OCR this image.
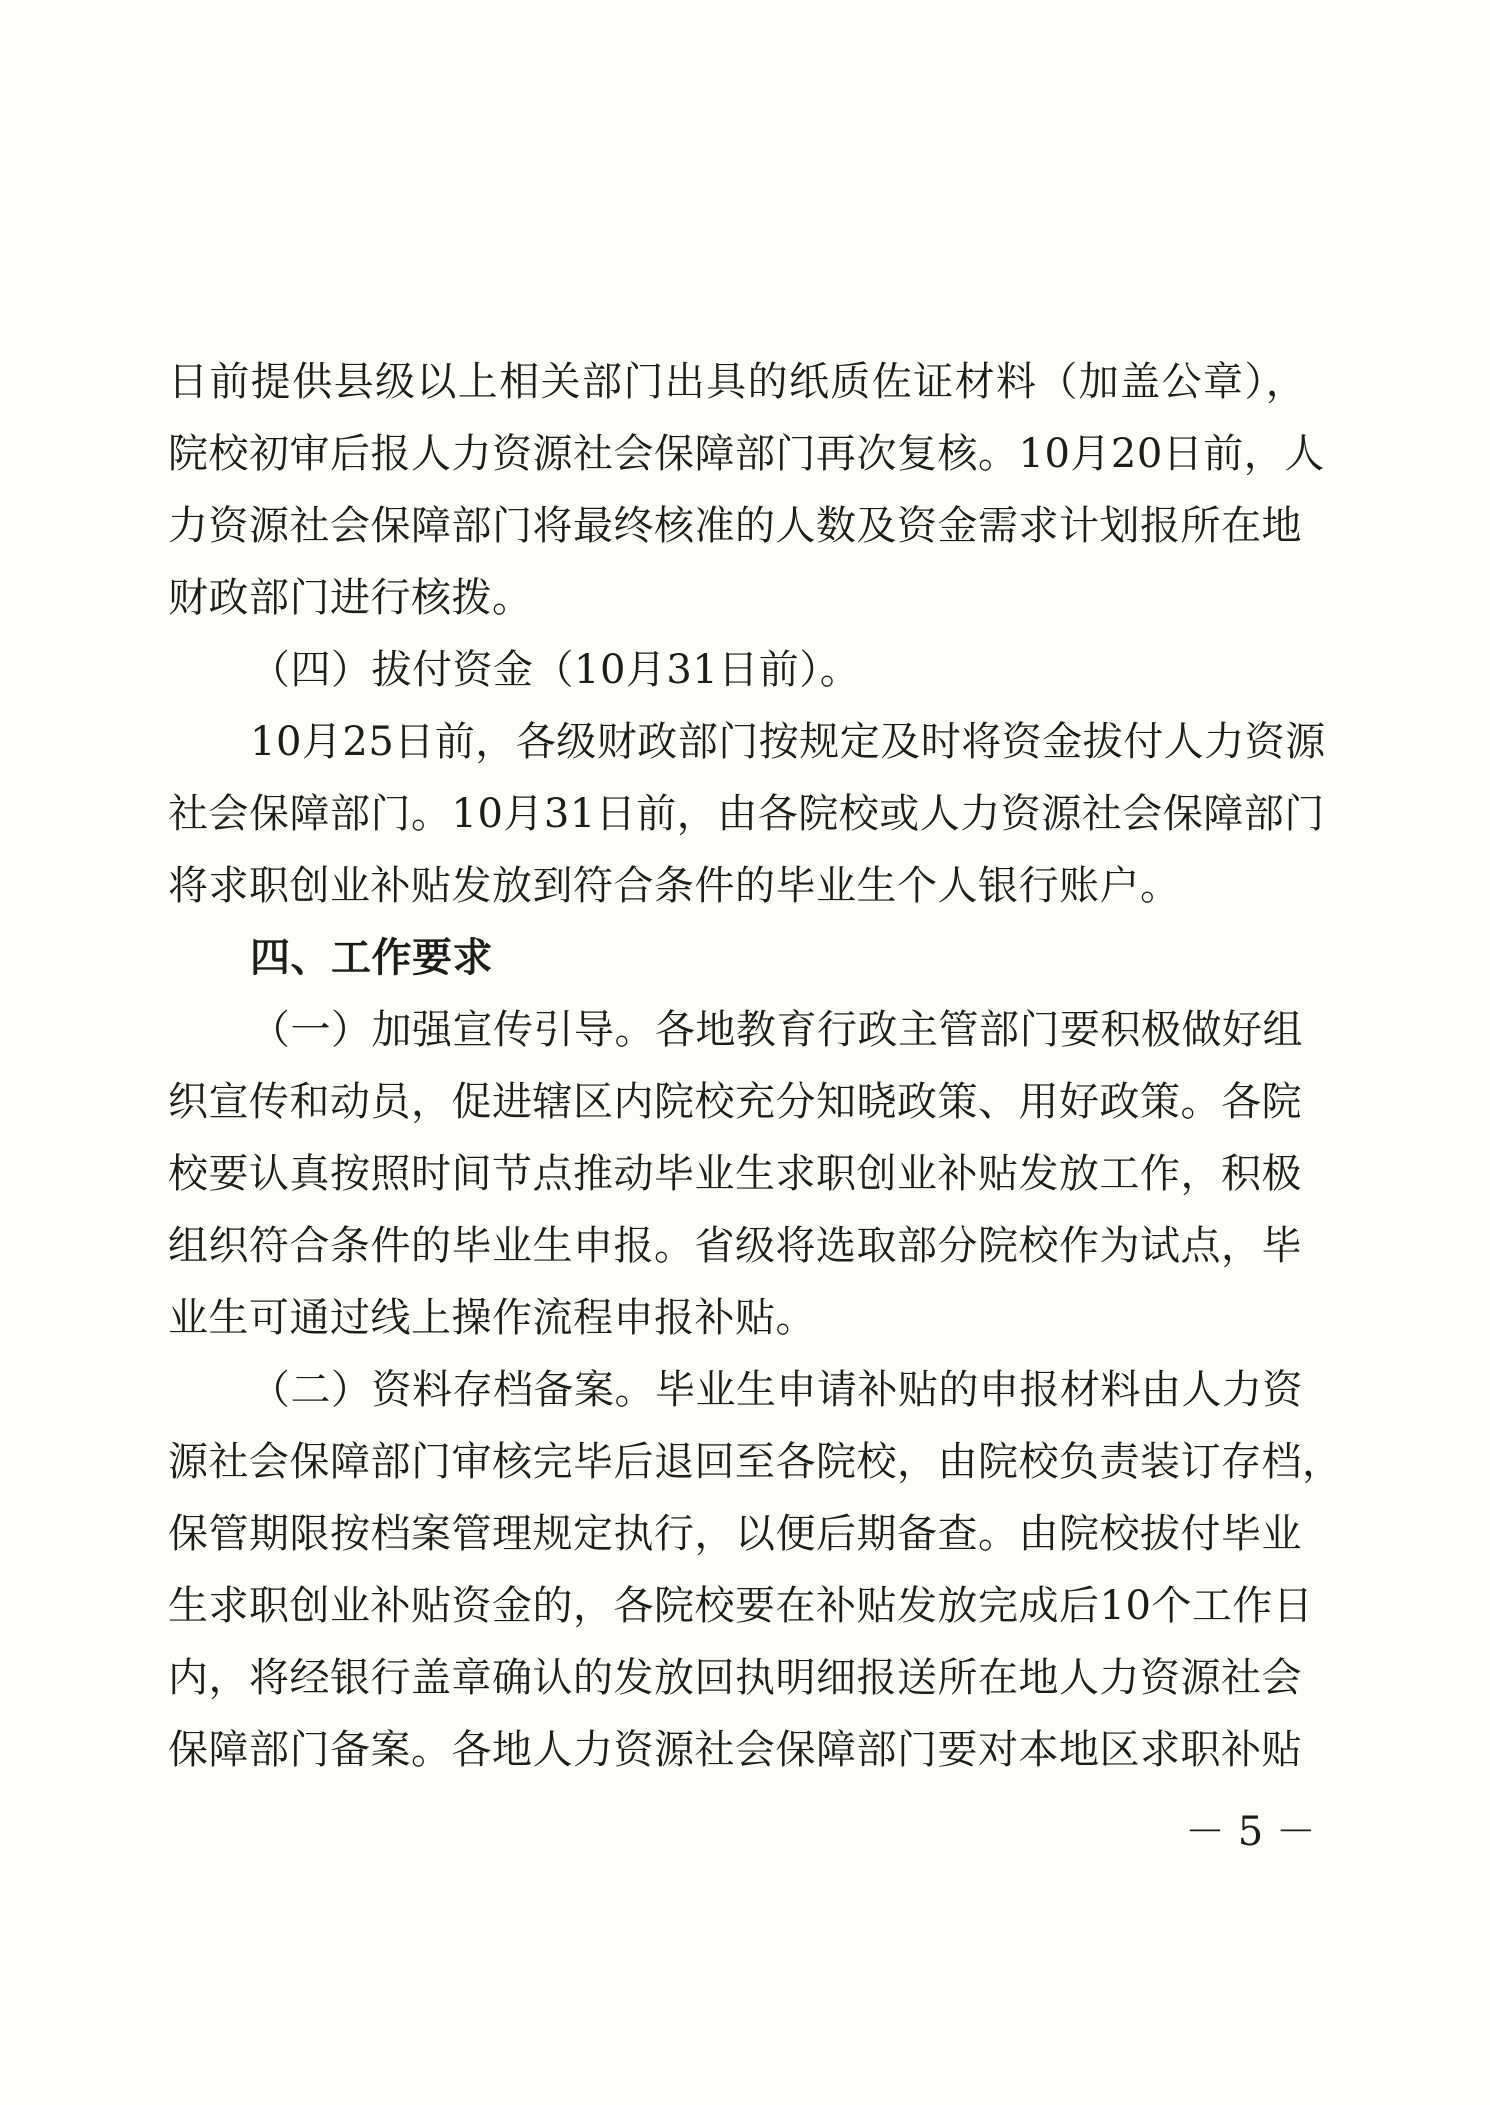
日前提供县级以上相关部门出具的纸质佐证材料（加盖公章），
院校初审后报人力资源社会保障部门再次复核。10月20日前，人
力资源社会保障部门将最终核准的人数及资金需求计划报所在地
财政部门进行核拨。
（四）拔付资金（10月31日前）。
10月25日前，各级财政部门按规定及时将资金拔付人力资源
社会保障部门。10月31日前，由各院校或人力资源社会保障部门
将求职创业补贴发放到符合条件的毕业生个人银行账户。
四、工作要求
（一）加强宣传引导。各地教育行政主管部门要积极做好组
织宣传和动员，促进辖区内院校充分知晓政策、用好政策。各院
校要认真按照时间节点推动毕业生求职创业补贴发放工作，积极
组织符合条件的毕业生申报。省级将选取部分院校作为试点，毕
业生可通过线上操作流程申报补贴。
（二）资料存档备案。毕业生申请补贴的申报材料由人力资
源社会保障部门审核完毕后退回至各院校，由院校负责装订存档，
保管期限按档案管理规定执行，以便后期备查。由院校拔付毕业
生求职创业补贴资金的，各院校要在补贴发放完成后10个工作日
内，将经银行盖章确认的发放回执明细报送所在地人力资源社会
保障部门备案。各地人力资源社会保障部门要对本地区求职补贴
－ 5 －
